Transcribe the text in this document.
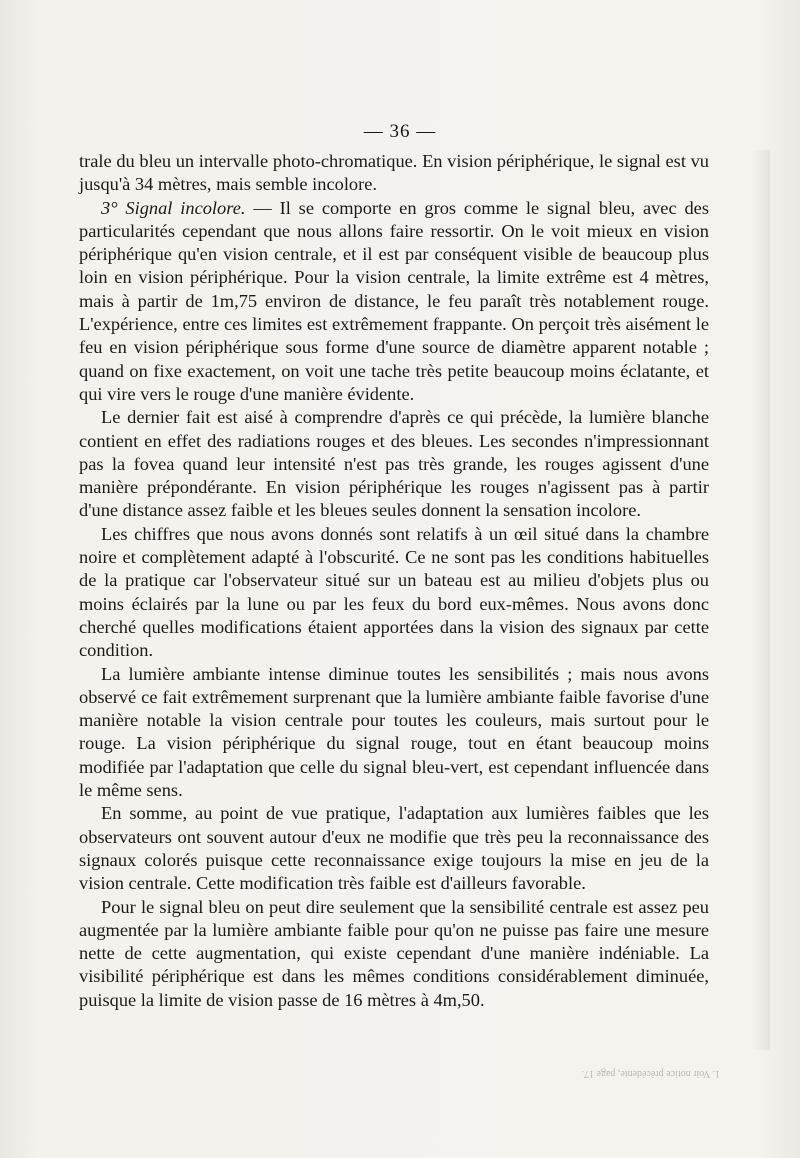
— 36 —

trale du bleu un intervalle photo-chromatique. En vision périphérique, le signal est vu jusqu'à 34 mètres, mais semble incolore.

3° Signal incolore. — Il se comporte en gros comme le signal bleu, avec des particularités cependant que nous allons faire ressortir. On le voit mieux en vision périphérique qu'en vision centrale, et il est par conséquent visible de beaucoup plus loin en vision périphérique. Pour la vision centrale, la limite extrême est 4 mètres, mais à partir de 1m,75 environ de distance, le feu paraît très notablement rouge. L'expérience, entre ces limites est extrêmement frappante. On perçoit très aisément le feu en vision périphérique sous forme d'une source de diamètre apparent notable ; quand on fixe exactement, on voit une tache très petite beaucoup moins éclatante, et qui vire vers le rouge d'une manière évidente.

Le dernier fait est aisé à comprendre d'après ce qui précède, la lumière blanche contient en effet des radiations rouges et des bleues. Les secondes n'impressionnant pas la fovea quand leur intensité n'est pas très grande, les rouges agissent d'une manière prépondérante. En vision périphérique les rouges n'agissent pas à partir d'une distance assez faible et les bleues seules donnent la sensation incolore.

Les chiffres que nous avons donnés sont relatifs à un œil situé dans la chambre noire et complètement adapté à l'obscurité. Ce ne sont pas les conditions habituelles de la pratique car l'observateur situé sur un bateau est au milieu d'objets plus ou moins éclairés par la lune ou par les feux du bord eux-mêmes. Nous avons donc cherché quelles modifications étaient apportées dans la vision des signaux par cette condition.

La lumière ambiante intense diminue toutes les sensibilités ; mais nous avons observé ce fait extrêmement surprenant que la lumière ambiante faible favorise d'une manière notable la vision centrale pour toutes les couleurs, mais surtout pour le rouge. La vision périphérique du signal rouge, tout en étant beaucoup moins modifiée par l'adaptation que celle du signal bleu-vert, est cependant influencée dans le même sens.

En somme, au point de vue pratique, l'adaptation aux lumières faibles que les observateurs ont souvent autour d'eux ne modifie que très peu la reconnaissance des signaux colorés puisque cette reconnaissance exige toujours la mise en jeu de la vision centrale. Cette modification très faible est d'ailleurs favorable.

Pour le signal bleu on peut dire seulement que la sensibilité centrale est assez peu augmentée par la lumière ambiante faible pour qu'on ne puisse pas faire une mesure nette de cette augmentation, qui existe cependant d'une manière indéniable. La visibilité périphérique est dans les mêmes conditions considérablement diminuée, puisque la limite de vision passe de 16 mètres à 4m,50.

1. Voir notice précédente, page 17.
